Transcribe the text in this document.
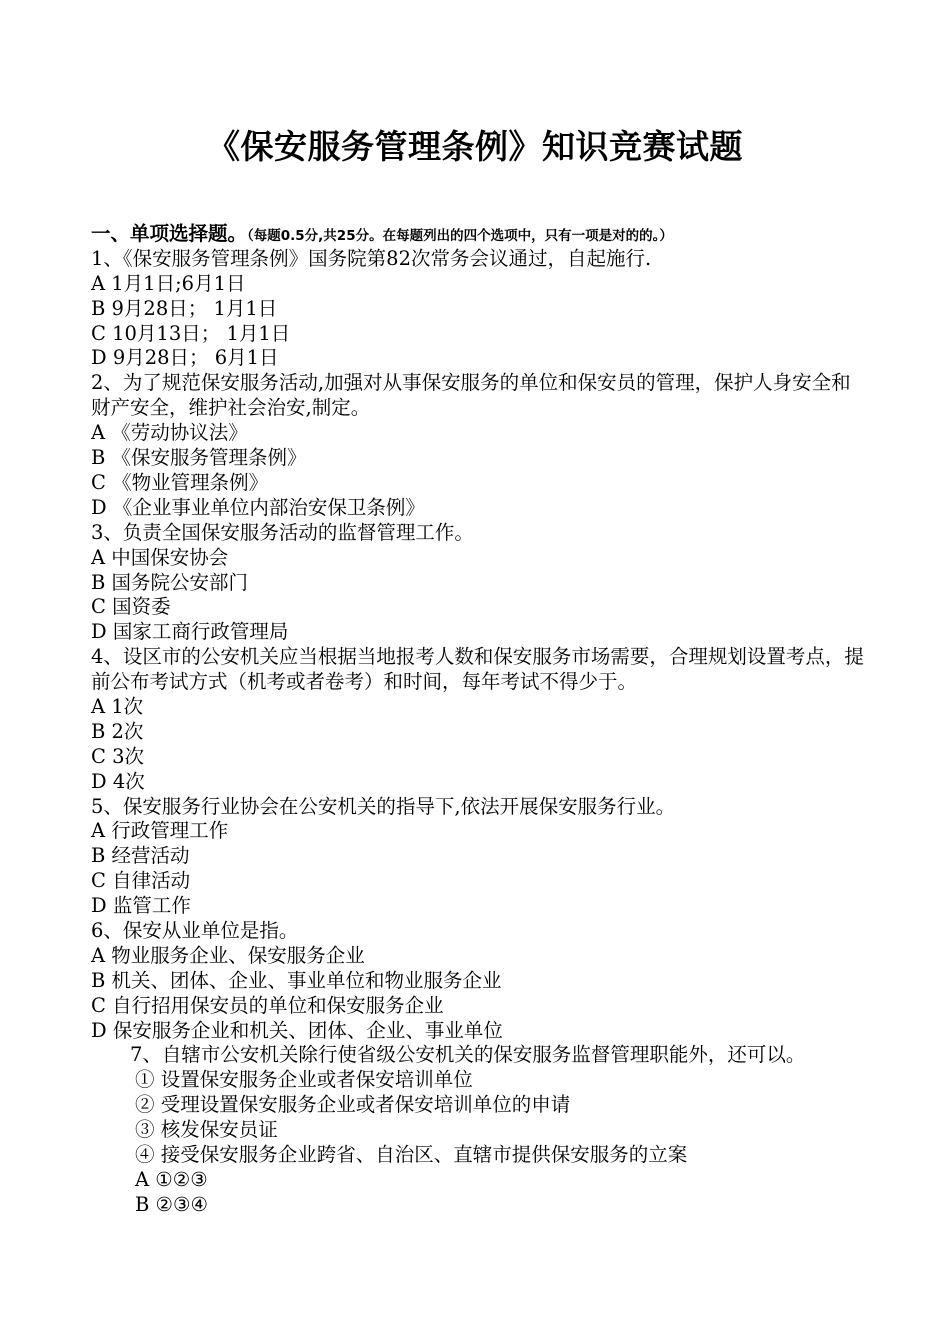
《保安服务管理条例》知识竞赛试题
一、单项选择题。（每题0.5分,共25分。在每题列出的四个选项中，只有一项是对的的。）
1、《保安服务管理条例》国务院第82次常务会议通过，自起施行.
A 1月1日;6月1日
B 9月28日； 1月1日
C 10月13日； 1月1日
D 9月28日； 6月1日
2、为了规范保安服务活动,加强对从事保安服务的单位和保安员的管理，保护人身安全和财产安全，维护社会治安,制定。
A 《劳动协议法》
B 《保安服务管理条例》
C 《物业管理条例》
D 《企业事业单位内部治安保卫条例》
3、负责全国保安服务活动的监督管理工作。
A 中国保安协会
B 国务院公安部门
C 国资委
D 国家工商行政管理局
4、设区市的公安机关应当根据当地报考人数和保安服务市场需要，合理规划设置考点，提前公布考试方式（机考或者卷考）和时间，每年考试不得少于。
A 1次
B 2次
C 3次
D 4次
5、保安服务行业协会在公安机关的指导下,依法开展保安服务行业。
A 行政管理工作
B 经营活动
C 自律活动
D 监管工作
6、保安从业单位是指。
A 物业服务企业、保安服务企业
B 机关、团体、企业、事业单位和物业服务企业
C 自行招用保安员的单位和保安服务企业
D 保安服务企业和机关、团体、企业、事业单位
7、自辖市公安机关除行使省级公安机关的保安服务监督管理职能外，还可以。
① 设置保安服务企业或者保安培训单位
② 受理设置保安服务企业或者保安培训单位的申请
③ 核发保安员证
④ 接受保安服务企业跨省、自治区、直辖市提供保安服务的立案
A ①②③
B ②③④
